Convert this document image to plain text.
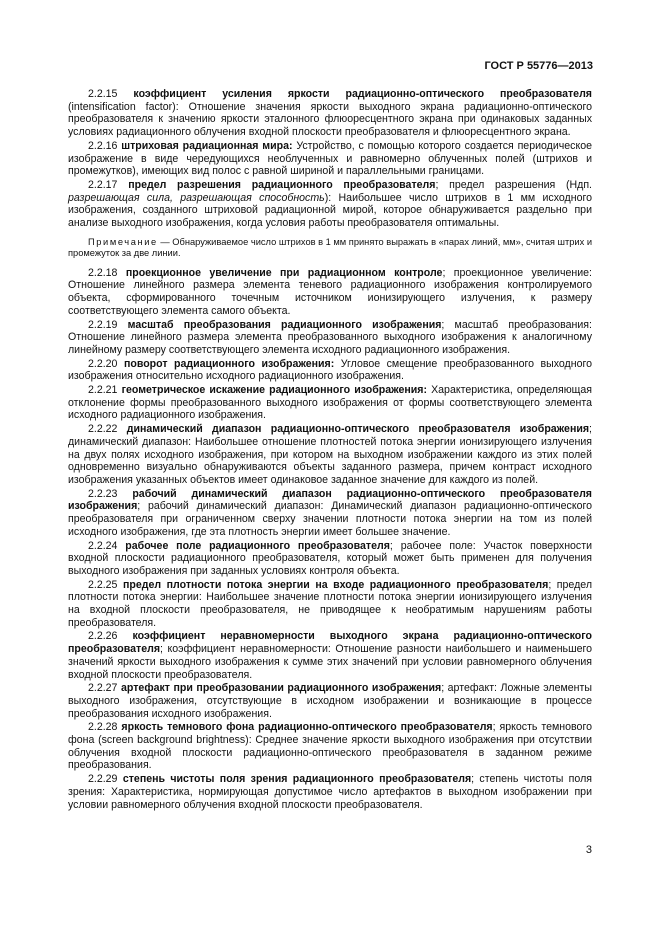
ГОСТ Р 55776—2013

2.2.15 коэффициент усиления яркости радиационно-оптического преобразователя (intensification factor): Отношение значения яркости выходного экрана радиационно-оптического преобразователя к значению яркости эталонного флюоресцентного экрана при одинаковых заданных условиях радиационного облучения входной плоскости преобразователя и флюоресцентного экрана.

2.2.16 штриховая радиационная мира: Устройство, с помощью которого создается периодическое изображение в виде чередующихся необлученных и равномерно облученных полей (штрихов и промежутков), имеющих вид полос с равной шириной и параллельными границами.

2.2.17 предел разрешения радиационного преобразователя; предел разрешения (Ндп. разрешающая сила, разрешающая способность): Наибольшее число штрихов в 1 мм исходного изображения, созданного штриховой радиационной мирой, которое обнаруживается раздельно при анализе выходного изображения, когда условия работы преобразователя оптимальны.

Примечание — Обнаруживаемое число штрихов в 1 мм принято выражать в «парах линий, мм», считая штрих и промежуток за две линии.

2.2.18 проекционное увеличение при радиационном контроле; проекционное увеличение: Отношение линейного размера элемента теневого радиационного изображения контролируемого объекта, сформированного точечным источником ионизирующего излучения, к размеру соответствующего элемента самого объекта.

2.2.19 масштаб преобразования радиационного изображения; масштаб преобразования: Отношение линейного размера элемента преобразованного выходного изображения к аналогичному линейному размеру соответствующего элемента исходного радиационного изображения.

2.2.20 поворот радиационного изображения: Угловое смещение преобразованного выходного изображения относительно исходного радиационного изображения.

2.2.21 геометрическое искажение радиационного изображения: Характеристика, определяющая отклонение формы преобразованного выходного изображения от формы соответствующего элемента исходного радиационного изображения.

2.2.22 динамический диапазон радиационно-оптического преобразователя изображения; динамический диапазон: Наибольшее отношение плотностей потока энергии ионизирующего излучения на двух полях исходного изображения, при котором на выходном изображении каждого из этих полей одновременно визуально обнаруживаются объекты заданного размера, причем контраст исходного изображения указанных объектов имеет одинаковое заданное значение для каждого из полей.

2.2.23 рабочий динамический диапазон радиационно-оптического преобразователя изображения; рабочий динамический диапазон: Динамический диапазон радиационно-оптического преобразователя при ограниченном сверху значении плотности потока энергии на том из полей исходного изображения, где эта плотность энергии имеет большее значение.

2.2.24 рабочее поле радиационного преобразователя; рабочее поле: Участок поверхности входной плоскости радиационного преобразователя, который может быть применен для получения выходного изображения при заданных условиях контроля объекта.

2.2.25 предел плотности потока энергии на входе радиационного преобразователя; предел плотности потока энергии: Наибольшее значение плотности потока энергии ионизирующего излучения на входной плоскости преобразователя, не приводящее к необратимым нарушениям работы преобразователя.

2.2.26 коэффициент неравномерности выходного экрана радиационно-оптического преобразователя; коэффициент неравномерности: Отношение разности наибольшего и наименьшего значений яркости выходного изображения к сумме этих значений при условии равномерного облучения входной плоскости преобразователя.

2.2.27 артефакт при преобразовании радиационного изображения; артефакт: Ложные элементы выходного изображения, отсутствующие в исходном изображении и возникающие в процессе преобразования исходного изображения.

2.2.28 яркость темнового фона радиационно-оптического преобразователя; яркость темнового фона (screen background brightness): Среднее значение яркости выходного изображения при отсутствии облучения входной плоскости радиационно-оптического преобразователя в заданном режиме преобразования.

2.2.29 степень чистоты поля зрения радиационного преобразователя; степень чистоты поля зрения: Характеристика, нормирующая допустимое число артефактов в выходном изображении при условии равномерного облучения входной плоскости преобразователя.

3
